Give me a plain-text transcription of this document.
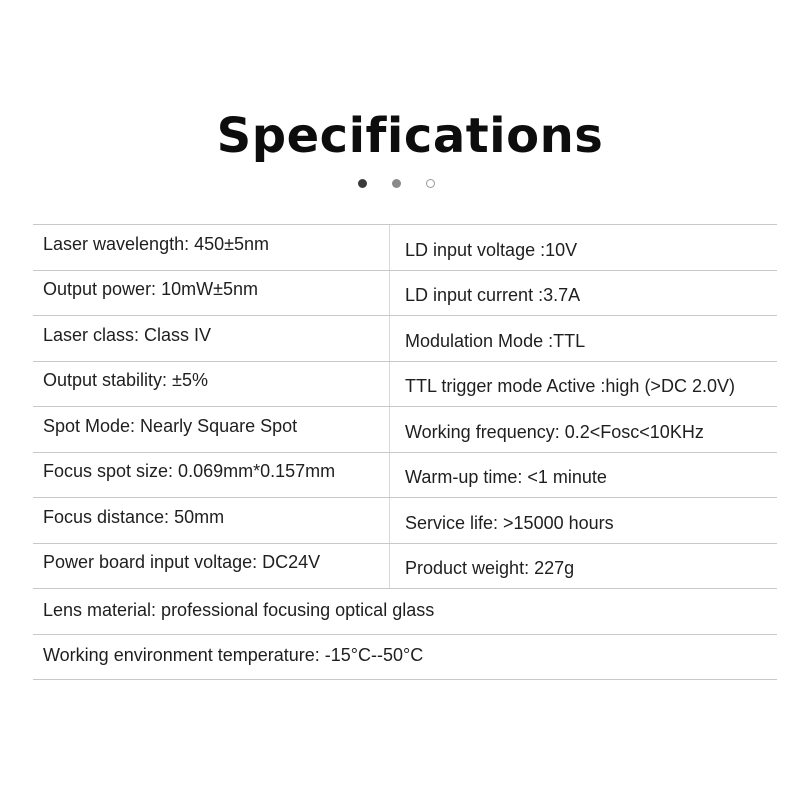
Specifications
Laser wavelength: 450±5nm	LD input voltage :10V
Output power: 10mW±5nm	LD input current :3.7A
Laser class: Class IV	Modulation Mode :TTL
Output stability: ±5%	TTL trigger mode Active :high (>DC 2.0V)
Spot Mode: Nearly Square Spot	Working frequency: 0.2<Fosc<10KHz
Focus spot size: 0.069mm*0.157mm	Warm-up time: <1 minute
Focus distance: 50mm	Service life: >15000 hours
Power board input voltage: DC24V	Product weight: 227g
Lens material: professional focusing optical glass
Working environment temperature: -15°C--50°C
